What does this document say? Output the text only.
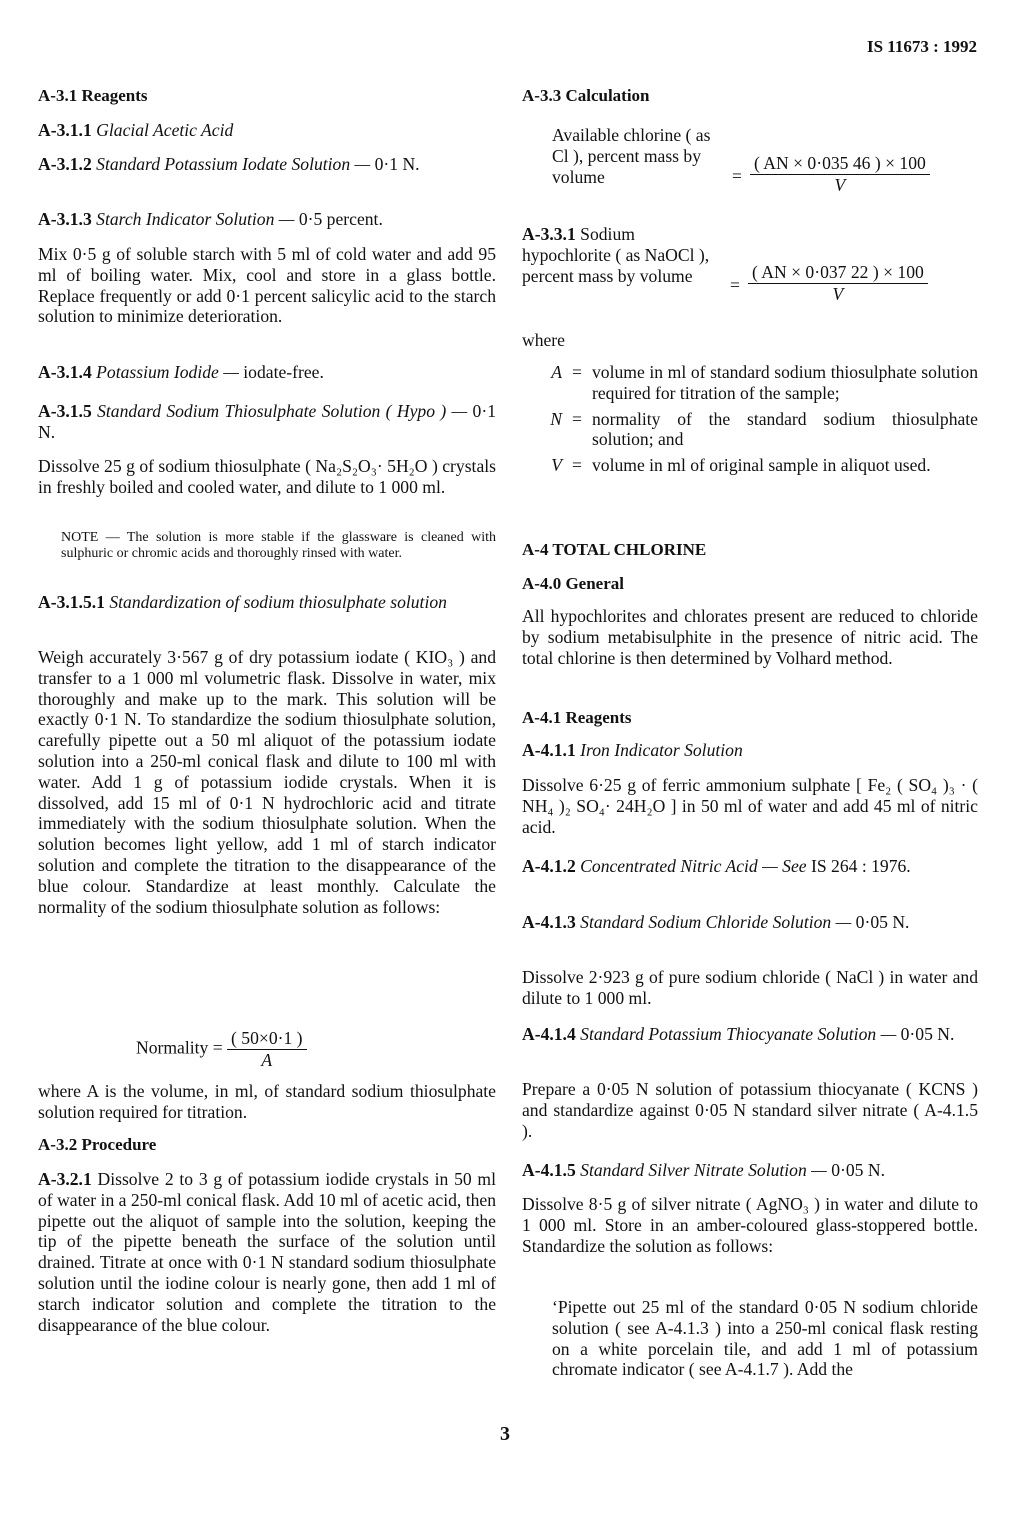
IS 11673 : 1992
A-3.1 Reagents
A-3.1.1 Glacial Acetic Acid
A-3.1.2 Standard Potassium Iodate Solution — 0·1 N.
A-3.1.3 Starch Indicator Solution — 0·5 percent.
Mix 0·5 g of soluble starch with 5 ml of cold water and add 95 ml of boiling water. Mix, cool and store in a glass bottle. Replace frequently or add 0·1 percent salicylic acid to the starch solution to minimize deterioration.
A-3.1.4 Potassium Iodide — iodate-free.
A-3.1.5 Standard Sodium Thiosulphate Solution ( Hypo ) — 0·1 N.
Dissolve 25 g of sodium thiosulphate ( Na₂S₂O₃· 5H₂O ) crystals in freshly boiled and cooled water, and dilute to 1 000 ml.
NOTE — The solution is more stable if the glassware is cleaned with sulphuric or chromic acids and thoroughly rinsed with water.
A-3.1.5.1 Standardization of sodium thiosulphate solution
Weigh accurately 3·567 g of dry potassium iodate ( KIO₃ ) and transfer to a 1 000 ml volumetric flask. Dissolve in water, mix thoroughly and make up to the mark. This solution will be exactly 0·1 N. To standardize the sodium thiosulphate solution, carefully pipette out a 50 ml aliquot of the potassium iodate solution into a 250-ml conical flask and dilute to 100 ml with water. Add 1 g of potassium iodide crystals. When it is dissolved, add 15 ml of 0·1 N hydrochloric acid and titrate immediately with the sodium thiosulphate solution. When the solution becomes light yellow, add 1 ml of starch indicator solution and complete the titration to the disappearance of the blue colour. Standardize at least monthly. Calculate the normality of the sodium thiosulphate solution as follows:
Normality = $\frac{( 50\times 0\cdot 1 )}{A}$
where A is the volume, in ml, of standard sodium thiosulphate solution required for titration.
A-3.2 Procedure
A-3.2.1 Dissolve 2 to 3 g of potassium iodide crystals in 50 ml of water in a 250-ml conical flask. Add 10 ml of acetic acid, then pipette out the aliquot of sample into the solution, keeping the tip of the pipette beneath the surface of the solution until drained. Titrate at once with 0·1 N standard sodium thiosulphate solution until the iodine colour is nearly gone, then add 1 ml of starch indicator solution and complete the titration to the disappearance of the blue colour.
A-3.3 Calculation
Available chlorine ( as Cl ), percent mass by volume	= $\frac{( AN \times 0\cdot 035 46 ) \times 100}{V}$
A-3.3.1 Sodium hypochlorite ( as NaOCl ), percent mass by volume	= $\frac{( AN \times 0\cdot 037 22 ) \times 100}{V}$
where
A = volume in ml of standard sodium thiosulphate solution required for titration of the sample;
N = normality of the standard sodium thiosulphate solution; and
V = volume in ml of original sample in aliquot used.
A-4 TOTAL CHLORINE
A-4.0 General
All hypochlorites and chlorates present are reduced to chloride by sodium metabisulphite in the presence of nitric acid. The total chlorine is then determined by Volhard method.
A-4.1 Reagents
A-4.1.1 Iron Indicator Solution
Dissolve 6·25 g of ferric ammonium sulphate [ Fe₂ ( SO₄ )₃ · ( NH₄ )₂ SO₄· 24H₂O ] in 50 ml of water and add 45 ml of nitric acid.
A-4.1.2 Concentrated Nitric Acid — See IS 264 : 1976.
A-4.1.3 Standard Sodium Chloride Solution — 0·05 N.
Dissolve 2·923 g of pure sodium chloride ( NaCl ) in water and dilute to 1 000 ml.
A-4.1.4 Standard Potassium Thiocyanate Solution — 0·05 N.
Prepare a 0·05 N solution of potassium thiocyanate ( KCNS ) and standardize against 0·05 N standard silver nitrate ( A-4.1.5 ).
A-4.1.5 Standard Silver Nitrate Solution — 0·05 N.
Dissolve 8·5 g of silver nitrate ( AgNO₃ ) in water and dilute to 1 000 ml. Store in an amber-coloured glass-stoppered bottle. Standardize the solution as follows:
‘Pipette out 25 ml of the standard 0·05 N sodium chloride solution ( see A-4.1.3 ) into a 250-ml conical flask resting on a white porcelain tile, and add 1 ml of potassium chromate indicator ( see A-4.1.7 ). Add the
3
